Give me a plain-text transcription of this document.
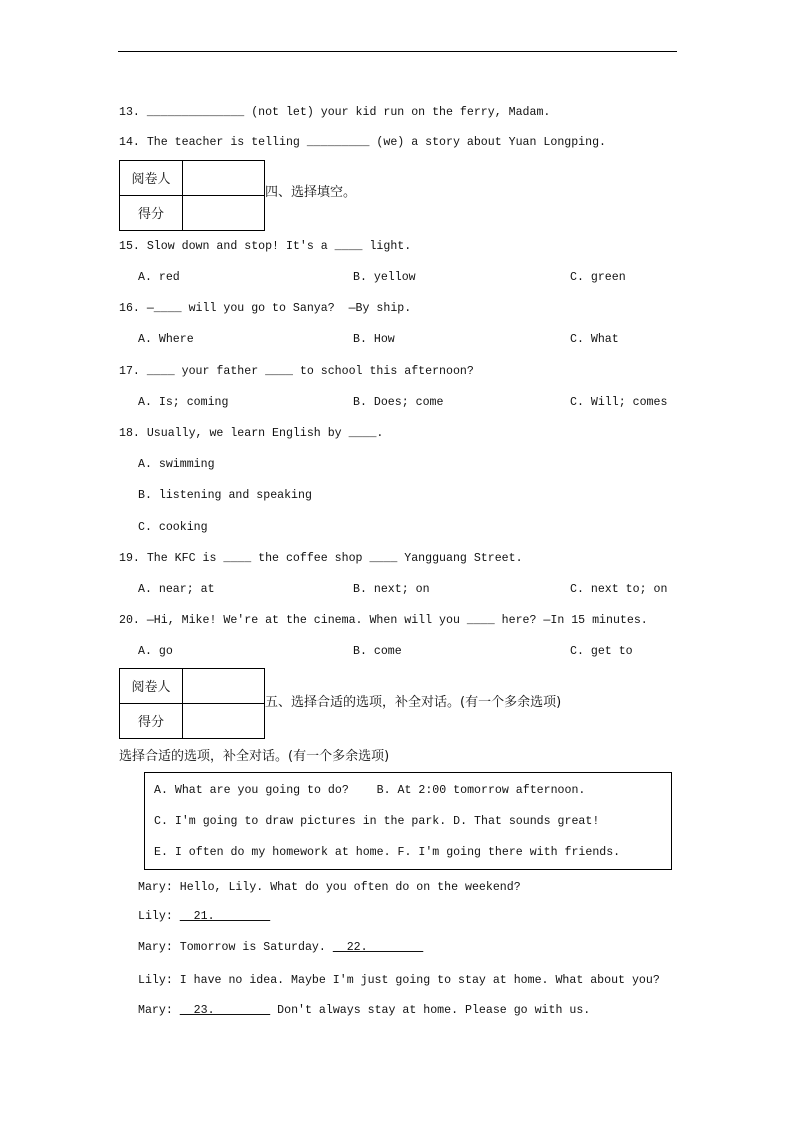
13. ______________ (not let) your kid run on the ferry, Madam.
14. The teacher is telling _________ (we) a story about Yuan Longping.
阅卷人
得分
四、选择填空。
15. Slow down and stop! It's a ____ light.
A. red	B. yellow	C. green
16. —____ will you go to Sanya?  —By ship.
A. Where	B. How	C. What
17. ____ your father ____ to school this afternoon?
A. Is; coming	B. Does; come	C. Will; comes
18. Usually, we learn English by ____.
A. swimming
B. listening and speaking
C. cooking
19. The KFC is ____ the coffee shop ____ Yangguang Street.
A. near; at	B. next; on	C. next to; on
20. —Hi, Mike! We're at the cinema. When will you ____ here? —In 15 minutes.
A. go	B. come	C. get to
阅卷人
得分
五、选择合适的选项，补全对话。(有一个多余选项)
选择合适的选项，补全对话。(有一个多余选项)
A. What are you going to do?    B. At 2:00 tomorrow afternoon.
C. I'm going to draw pictures in the park. D. That sounds great!
E. I often do my homework at home. F. I'm going there with friends.
Mary: Hello, Lily. What do you often do on the weekend?
Lily:   21.
Mary: Tomorrow is Saturday.   22.
Lily: I have no idea. Maybe I'm just going to stay at home. What about you?
Mary:   23.         Don't always stay at home. Please go with us.
